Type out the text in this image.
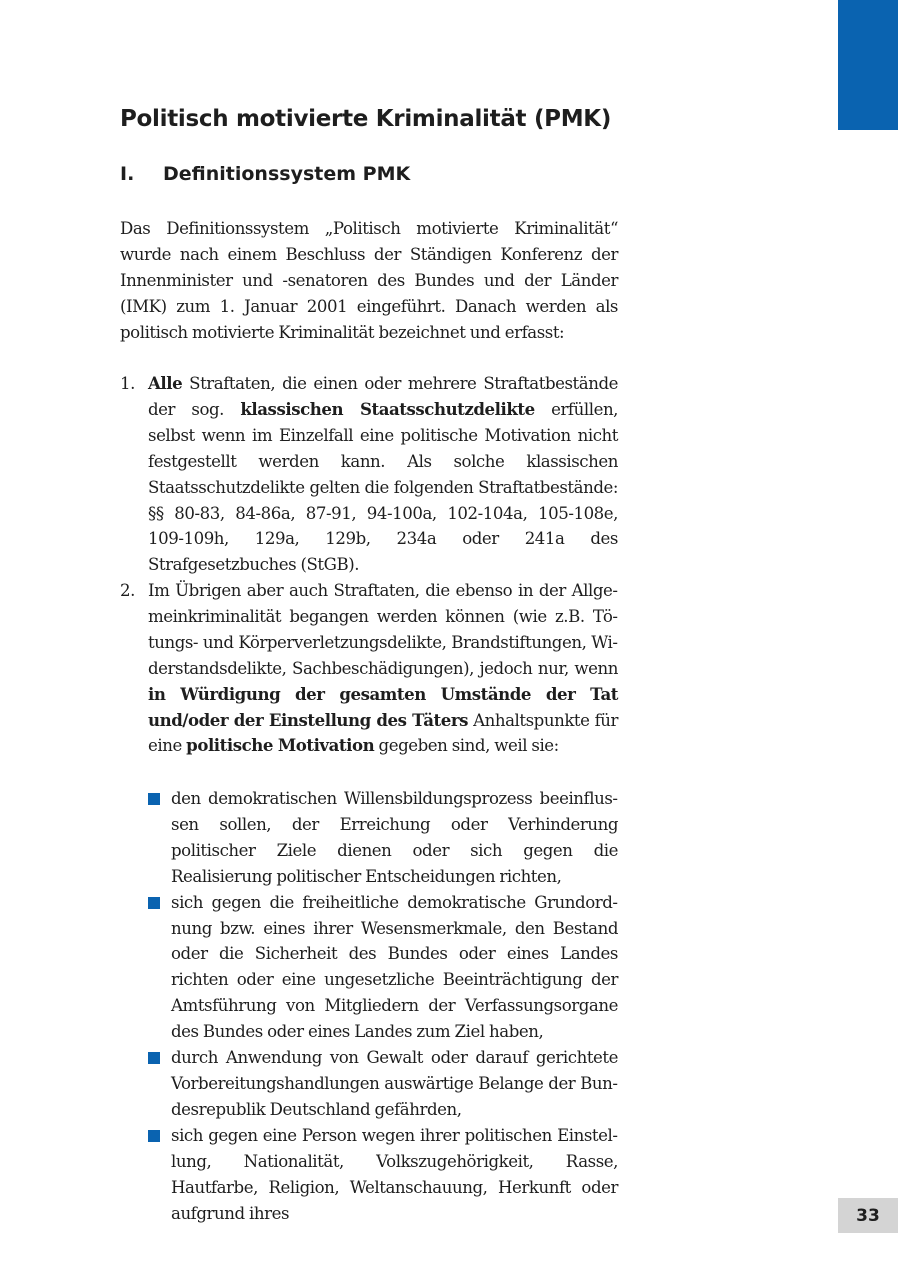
Politisch motivierte Kriminalität (PMK)
I. Definitionssystem PMK

Das Definitionssystem „Politisch motivierte Kriminalität“ wurde nach einem Beschluss der Ständigen Konferenz der Innenminister und -senatoren des Bundes und der Länder (IMK) zum 1. Januar 2001 eingeführt. Danach werden als politisch motivierte Kriminalität bezeichnet und erfasst:

1. Alle Straftaten, die einen oder mehrere Straftatbestände der sog. klassischen Staatsschutzdelikte erfüllen, selbst wenn im Einzelfall eine politische Motivation nicht festgestellt werden kann. Als solche klassischen Staatsschutzdelikte gelten die folgenden Straftatbestände: §§ 80-83, 84-86a, 87-91, 94-100a, 102-104a, 105-108e, 109-109h, 129a, 129b, 234a oder 241a des Strafgesetzbuches (StGB).
2. Im Übrigen aber auch Straftaten, die ebenso in der Allgemeinkriminalität begangen werden können (wie z.B. Tötungs- und Körperverletzungsdelikte, Brandstiftungen, Widerstandsdelikte, Sachbeschädigungen), jedoch nur, wenn in Würdigung der gesamten Umstände der Tat und/oder der Einstellung des Täters Anhaltspunkte für eine politische Motivation gegeben sind, weil sie:
den demokratischen Willensbildungsprozess beeinflussen sollen, der Erreichung oder Verhinderung politischer Ziele dienen oder sich gegen die Realisierung politischer Entscheidungen richten,
sich gegen die freiheitliche demokratische Grundordnung bzw. eines ihrer Wesensmerkmale, den Bestand oder die Sicherheit des Bundes oder eines Landes richten oder eine ungesetzliche Beeinträchtigung der Amtsführung von Mitgliedern der Verfassungsorgane des Bundes oder eines Landes zum Ziel haben,
durch Anwendung von Gewalt oder darauf gerichtete Vorbereitungshandlungen auswärtige Belange der Bundesrepublik Deutschland gefährden,
sich gegen eine Person wegen ihrer politischen Einstellung, Nationalität, Volkszugehörigkeit, Rasse, Hautfarbe, Religion, Weltanschauung, Herkunft oder aufgrund ihres	33
